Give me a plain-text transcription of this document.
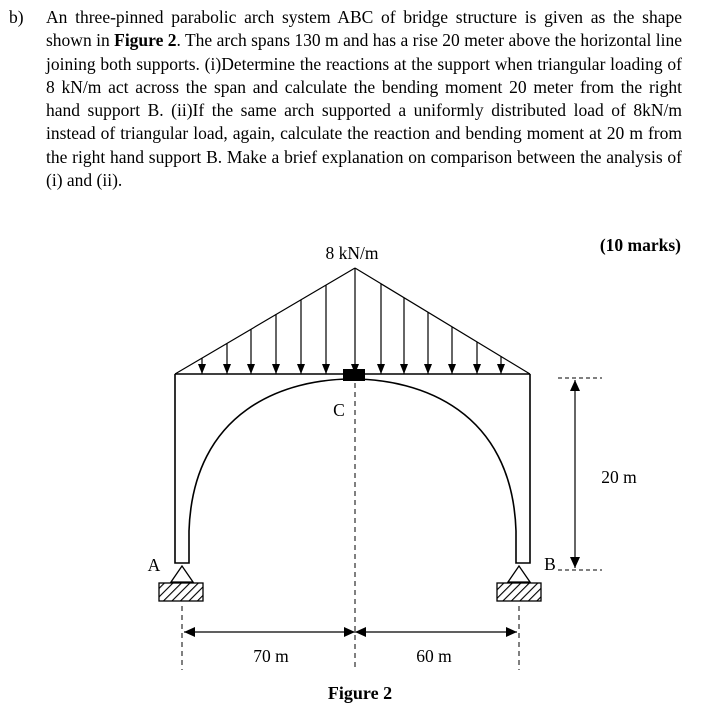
b) An three-pinned parabolic arch system ABC of bridge structure is given as the shape shown in Figure 2. The arch spans 130 m and has a rise 20 meter above the horizontal line joining both supports. (i)Determine the reactions at the support when triangular loading of 8 kN/m act across the span and calculate the bending moment 20 meter from the right hand support B. (ii)If the same arch supported a uniformly distributed load of 8kN/m instead of triangular load, again, calculate the reaction and bending moment at 20 m from the right hand support B. Make a brief explanation on comparison between the analysis of (i) and (ii).
(10 marks)
8 kN/m
C
A	B
20 m
70 m	60 m
Figure 2
